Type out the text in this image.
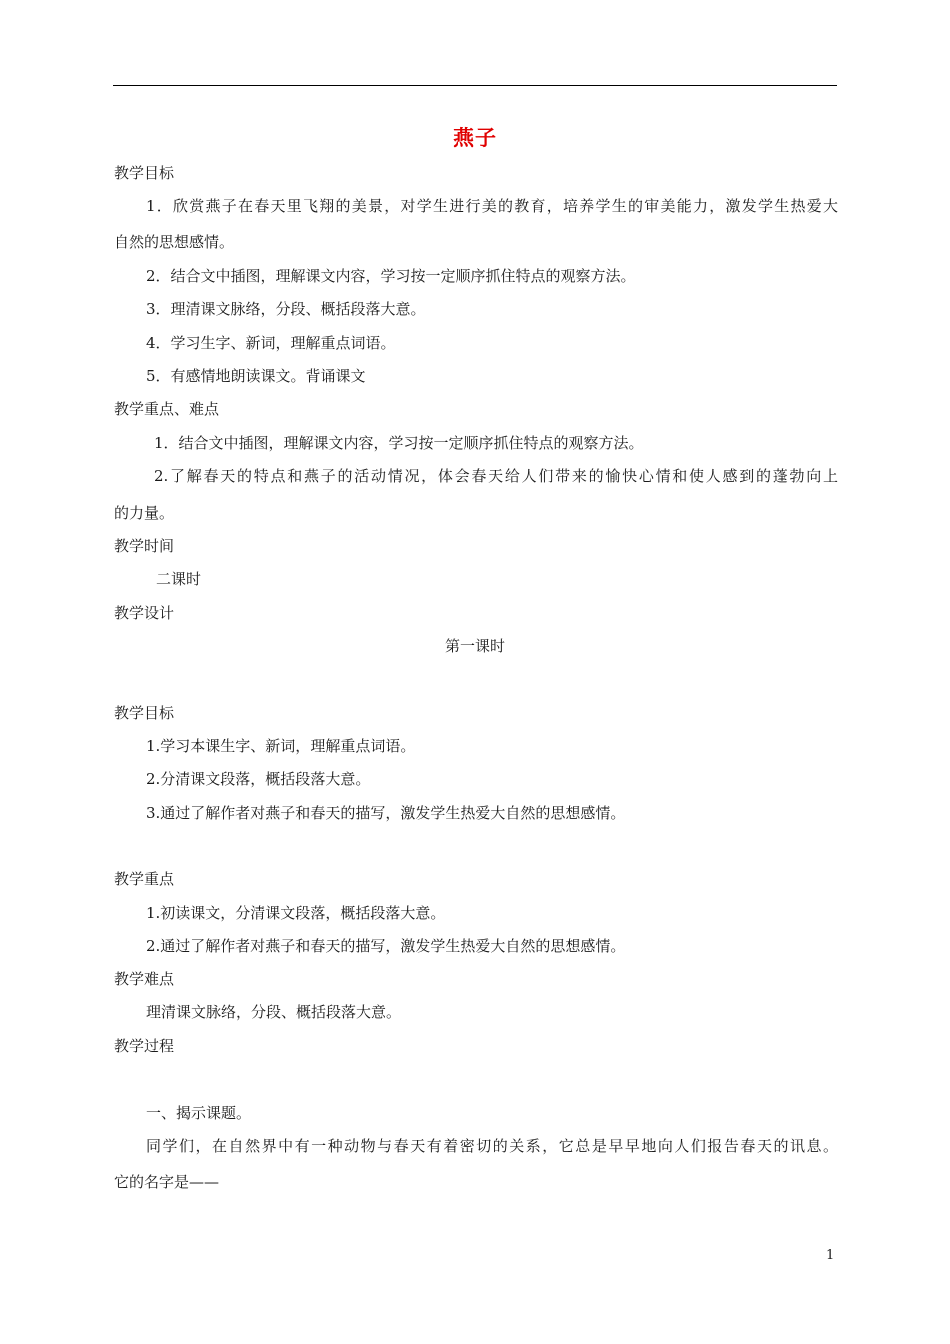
燕子
教学目标
1．欣赏燕子在春天里飞翔的美景，对学生进行美的教育，培养学生的审美能力，激发学生热爱大
自然的思想感情。
2．结合文中插图，理解课文内容，学习按一定顺序抓住特点的观察方法。
3．理清课文脉络，分段、概括段落大意。
4．学习生字、新词，理解重点词语。
5．有感情地朗读课文。背诵课文
教学重点、难点
1．结合文中插图，理解课文内容，学习按一定顺序抓住特点的观察方法。
2.了解春天的特点和燕子的活动情况，体会春天给人们带来的愉快心情和使人感到的蓬勃向上
的力量。
教学时间
二课时
教学设计
第一课时
教学目标
1.学习本课生字、新词，理解重点词语。
2.分清课文段落，概括段落大意。
3.通过了解作者对燕子和春天的描写，激发学生热爱大自然的思想感情。
教学重点
1.初读课文，分清课文段落，概括段落大意。
2.通过了解作者对燕子和春天的描写，激发学生热爱大自然的思想感情。
教学难点
理清课文脉络，分段、概括段落大意。
教学过程
一、揭示课题。
同学们，在自然界中有一种动物与春天有着密切的关系，它总是早早地向人们报告春天的讯息。
它的名字是——
1
